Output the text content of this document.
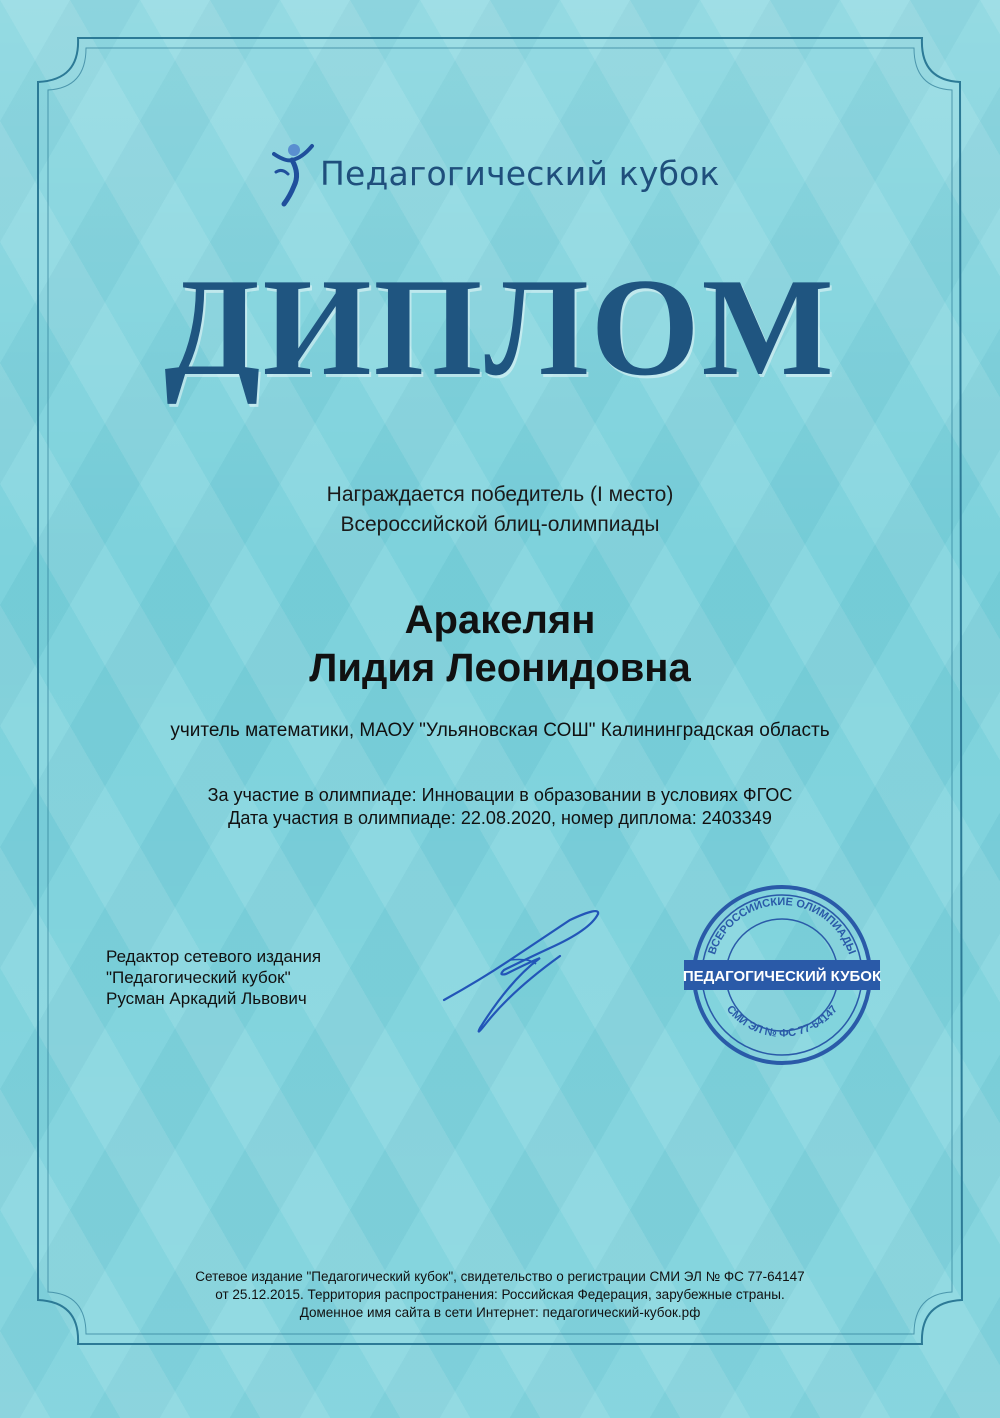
Педагогический кубок
ДИПЛОМ
Награждается победитель (I место)
Всероссийской блиц-олимпиады
Аракелян
Лидия Леонидовна
учитель математики, МАОУ "Ульяновская СОШ" Калининградская область
За участие в олимпиаде: Инновации в образовании в условиях ФГОС
Дата участия в олимпиаде: 22.08.2020, номер диплома: 2403349
Редактор сетевого издания
"Педагогический кубок"
Русман Аркадий Львович
ВСЕРОССИЙСКИЕ ОЛИМПИАДЫ
СМИ ЭЛ № ФС 77-64147
ПЕДАГОГИЧЕСКИЙ КУБОК
Сетевое издание "Педагогический кубок", свидетельство о регистрации СМИ ЭЛ № ФС 77-64147
от 25.12.2015. Территория распространения: Российская Федерация, зарубежные страны.
Доменное имя сайта в сети Интернет: педагогический-кубок.рф
